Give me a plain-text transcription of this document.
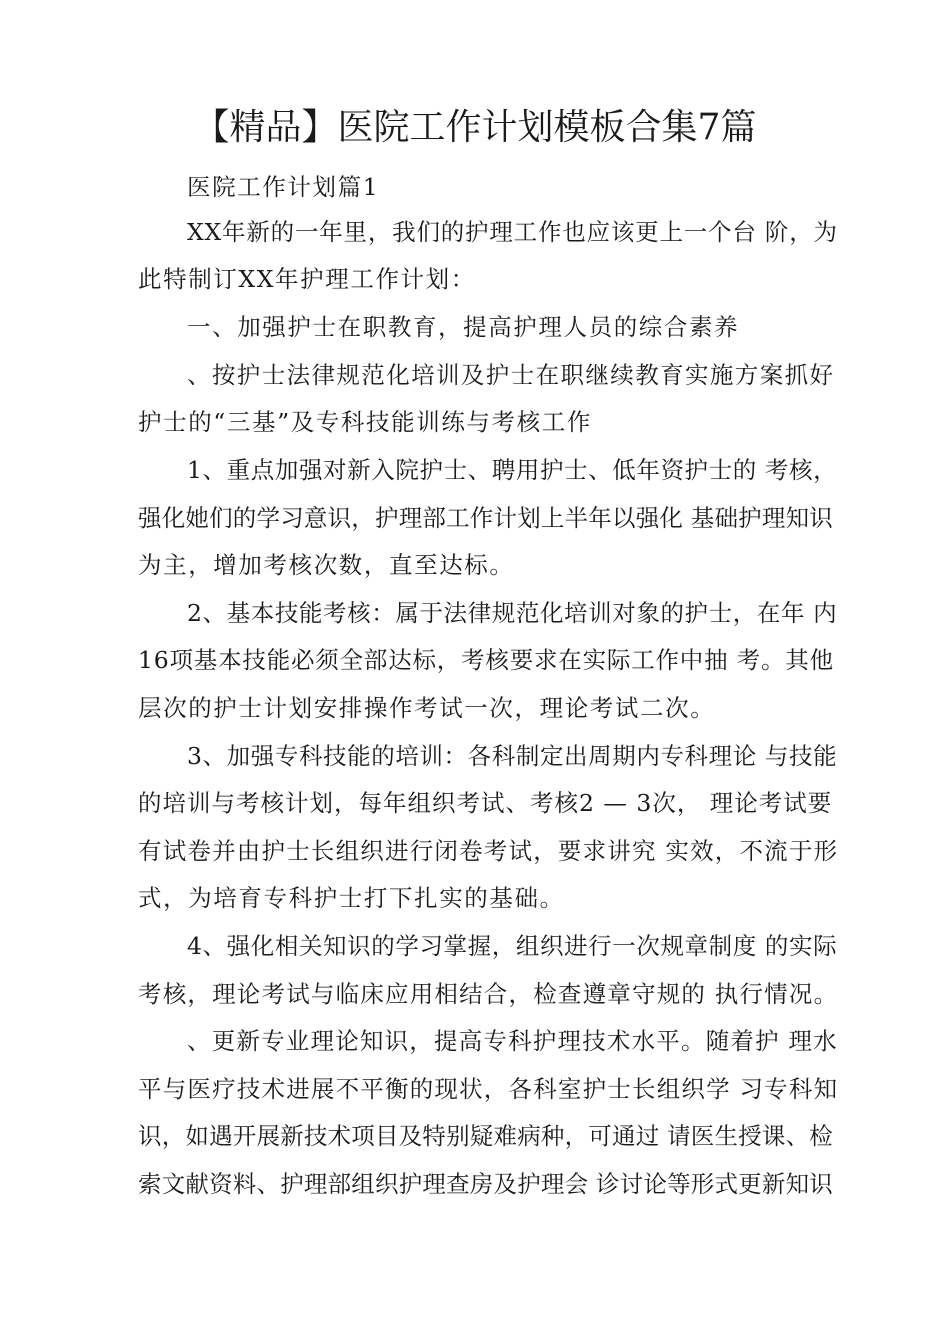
【精品】医院工作计划模板合集7篇
医院工作计划篇1
XX年新的一年里，我们的护理工作也应该更上一个台 阶，为
此特制订XX年护理工作计划：
一、加强护士在职教育，提高护理人员的综合素养
、按护士法律规范化培训及护士在职继续教育实施方案抓好
护士的“三基”及专科技能训练与考核工作
1、重点加强对新入院护士、聘用护士、低年资护士的 考核，
强化她们的学习意识，护理部工作计划上半年以强化 基础护理知识
为主，增加考核次数，直至达标。
2、基本技能考核：属于法律规范化培训对象的护士，在年 内
16项基本技能必须全部达标，考核要求在实际工作中抽 考。其他
层次的护士计划安排操作考试一次，理论考试二次。
3、加强专科技能的培训：各科制定出周期内专科理论 与技能
的培训与考核计划，每年组织考试、考核2 — 3次， 理论考试要
有试卷并由护士长组织进行闭卷考试，要求讲究 实效，不流于形
式，为培育专科护士打下扎实的基础。
4、强化相关知识的学习掌握，组织进行一次规章制度 的实际
考核，理论考试与临床应用相结合，检查遵章守规的 执行情况。
、更新专业理论知识，提高专科护理技术水平。随着护 理水
平与医疗技术进展不平衡的现状，各科室护士长组织学 习专科知
识，如遇开展新技术项目及特别疑难病种，可通过 请医生授课、检
索文献资料、护理部组织护理查房及护理会 诊讨论等形式更新知识
